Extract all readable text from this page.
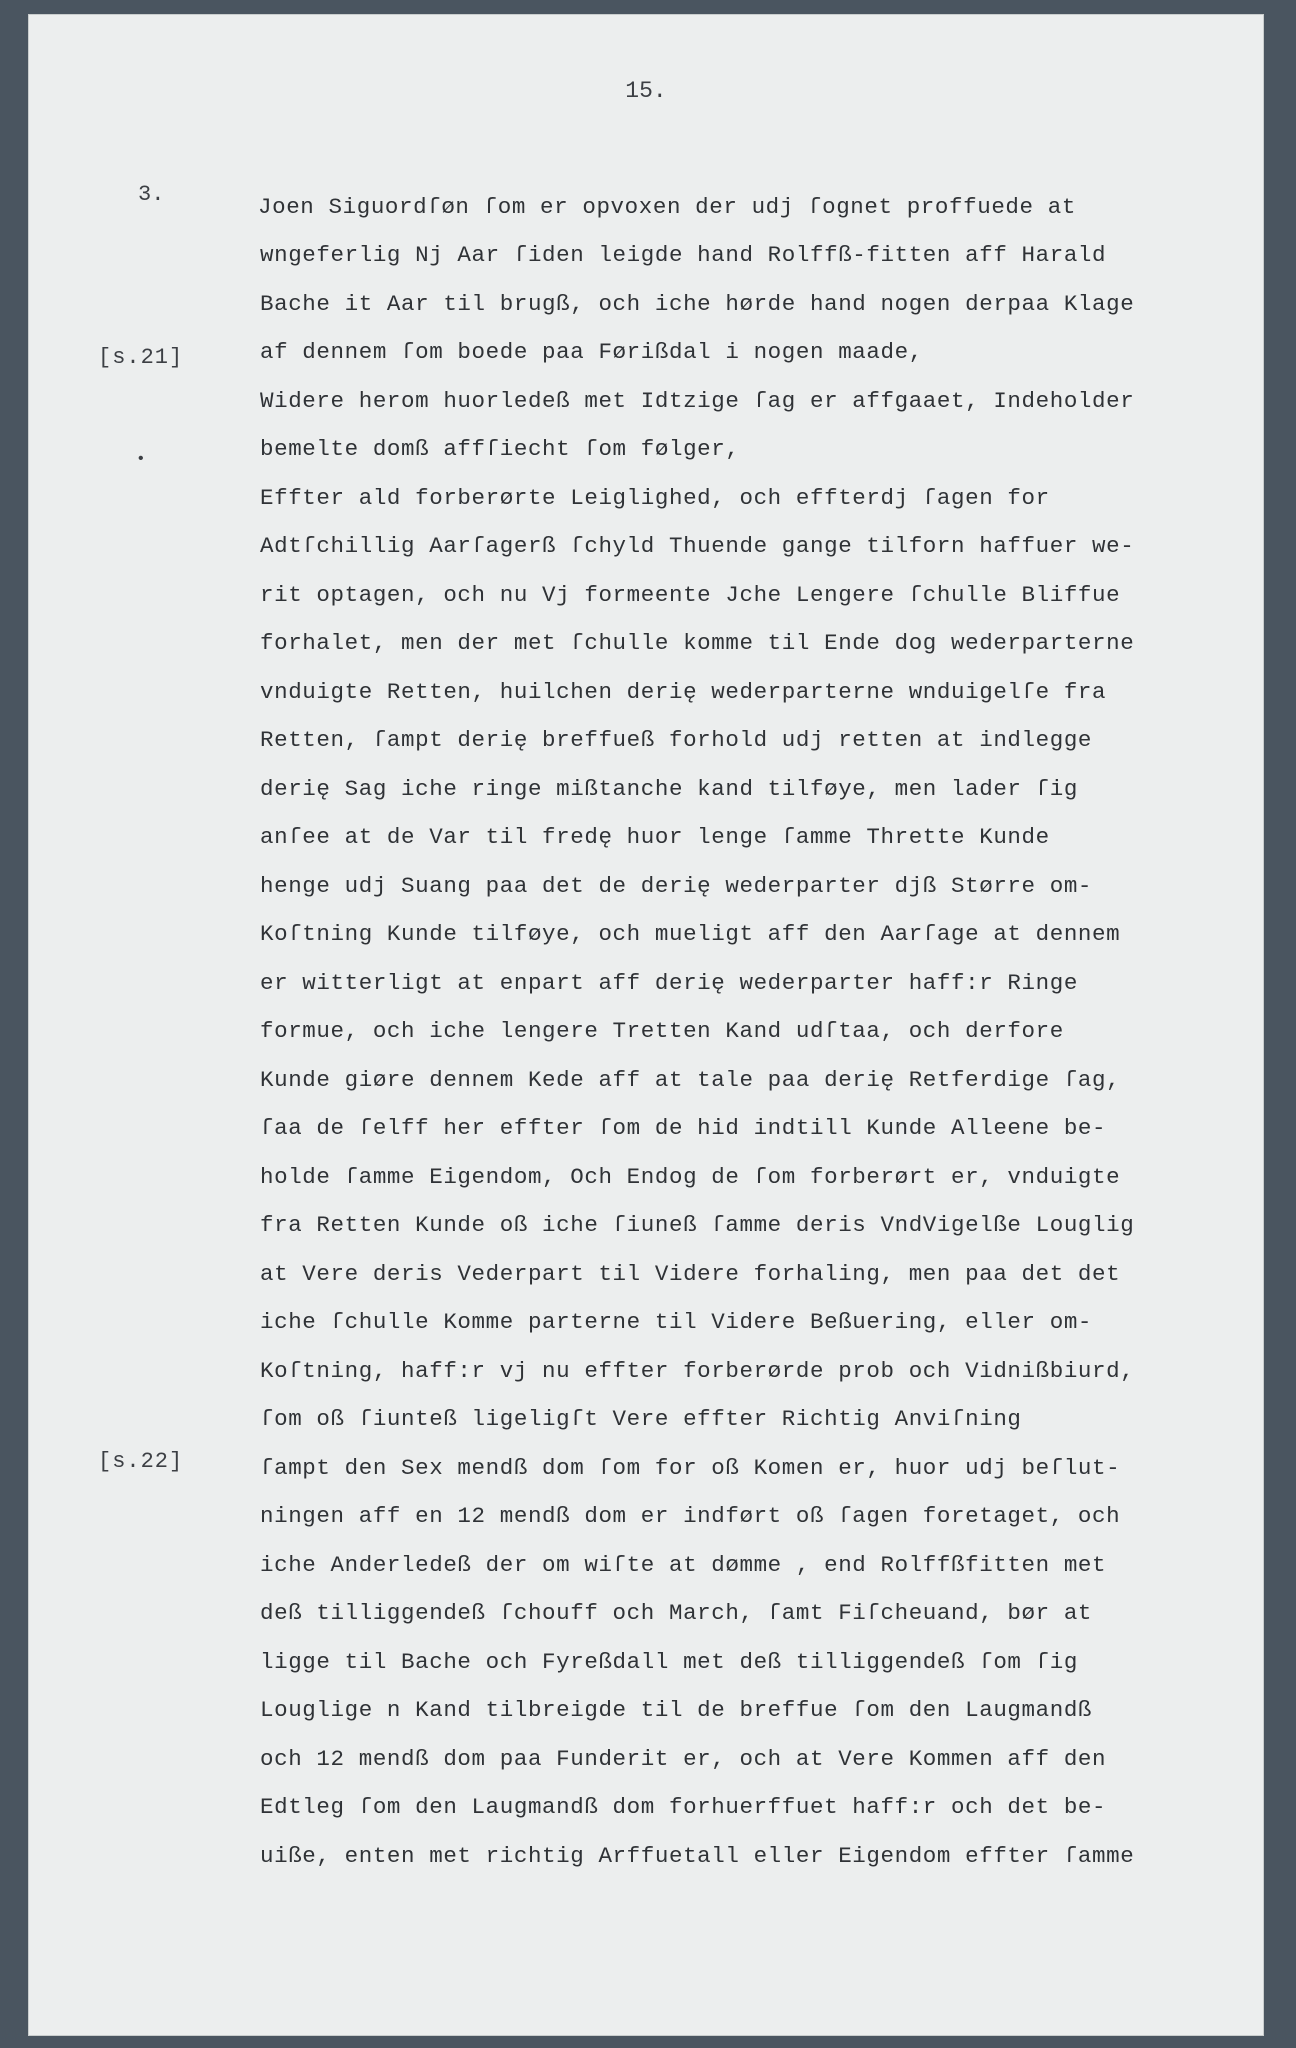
15.
3.
[s.21]
[s.22]
•
Joen Siguordſøn ſom er opvoxen der udj ſognet proffuede at
wngeferlig Nj Aar ſiden leigde hand Rolffß-fitten aff Harald
Bache it Aar til brugß, och iche hørde hand nogen derpaa Klage
af dennem ſom boede paa Førißdal i nogen maade,
Widere herom huorledeß met Idtzige ſag er affgaaet, Indeholder
bemelte domß affſiecht ſom følger,
Effter ald forberørte Leiglighed, och effterdj ſagen for
Adtſchillig Aarſagerß ſchyld Thuende gange tilforn haffuer we-
rit optagen, och nu Vj formeente Jche Lengere ſchulle Bliffue
forhalet, men der met ſchulle komme til Ende dog wederparterne
vnduigte Retten, huilchen derię wederparterne wnduigelſe fra
Retten, ſampt derię breffueß forhold udj retten at indlegge
derię Sag iche ringe mißtanche kand tilføye, men lader ſig
anſee at de Var til fredę huor lenge ſamme Thrette Kunde
henge udj Suang paa det de derię wederparter djß Større om-
Koſtning Kunde tilføye, och mueligt aff den Aarſage at dennem
er witterligt at enpart aff derię wederparter haff:r Ringe
formue, och iche lengere Tretten Kand udſtaa, och derfore
Kunde giøre dennem Kede aff at tale paa derię Retferdige ſag,
ſaa de ſelff her effter ſom de hid indtill Kunde Alleene be-
holde ſamme Eigendom, Och Endog de ſom forberørt er, vnduigte
fra Retten Kunde oß iche ſiuneß ſamme deris VndVigelße Louglig
at Vere deris Vederpart til Videre forhaling, men paa det det
iche ſchulle Komme parterne til Videre Beßuering, eller om-
Koſtning, haff:r vj nu effter forberørde prob och Vidnißbiurd,
ſom oß ſiunteß ligeligſt Vere effter Richtig Anviſning
ſampt den Sex mendß dom ſom for oß Komen er, huor udj beſlut-
ningen aff en 12 mendß dom er indført oß ſagen foretaget, och
iche Anderledeß der om wiſte at dømme , end Rolffßfitten met
deß tilliggendeß ſchouff och March, ſamt Fiſcheuand, bør at
ligge til Bache och Fyreßdall met deß tilliggendeß ſom ſig
Louglige n Kand tilbreigde til de breffue ſom den Laugmandß
och 12 mendß dom paa Funderit er, och at Vere Kommen aff den
Edtleg ſom den Laugmandß dom forhuerffuet haff:r och det be-
uiße, enten met richtig Arffuetall eller Eigendom effter ſamme
